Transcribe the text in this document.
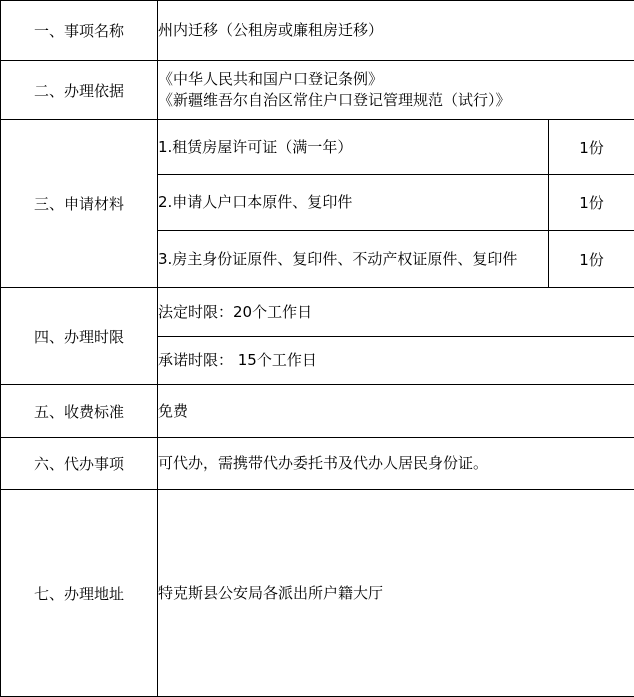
一、事项名称	州内迁移（公租房或廉租房迁移）	
二、办理依据	《中华人民共和国户口登记条例》
《新疆维吾尔自治区常住户口登记管理规范（试行）》	

三、申请材料	1.租赁房屋许可证（满一年）	1份
	2.申请人户口本原件、复印件	1份
	3.房主身份证原件、复印件、不动产权证原件、复印件	1份
四、办理时限	法定时限：20个工作日	
	承诺时限： 15个工作日	
五、收费标准	免费	
六、代办事项	可代办，需携带代办委托书及代办人居民身份证。	
七、办理地址	特克斯县公安局各派出所户籍大厅	
